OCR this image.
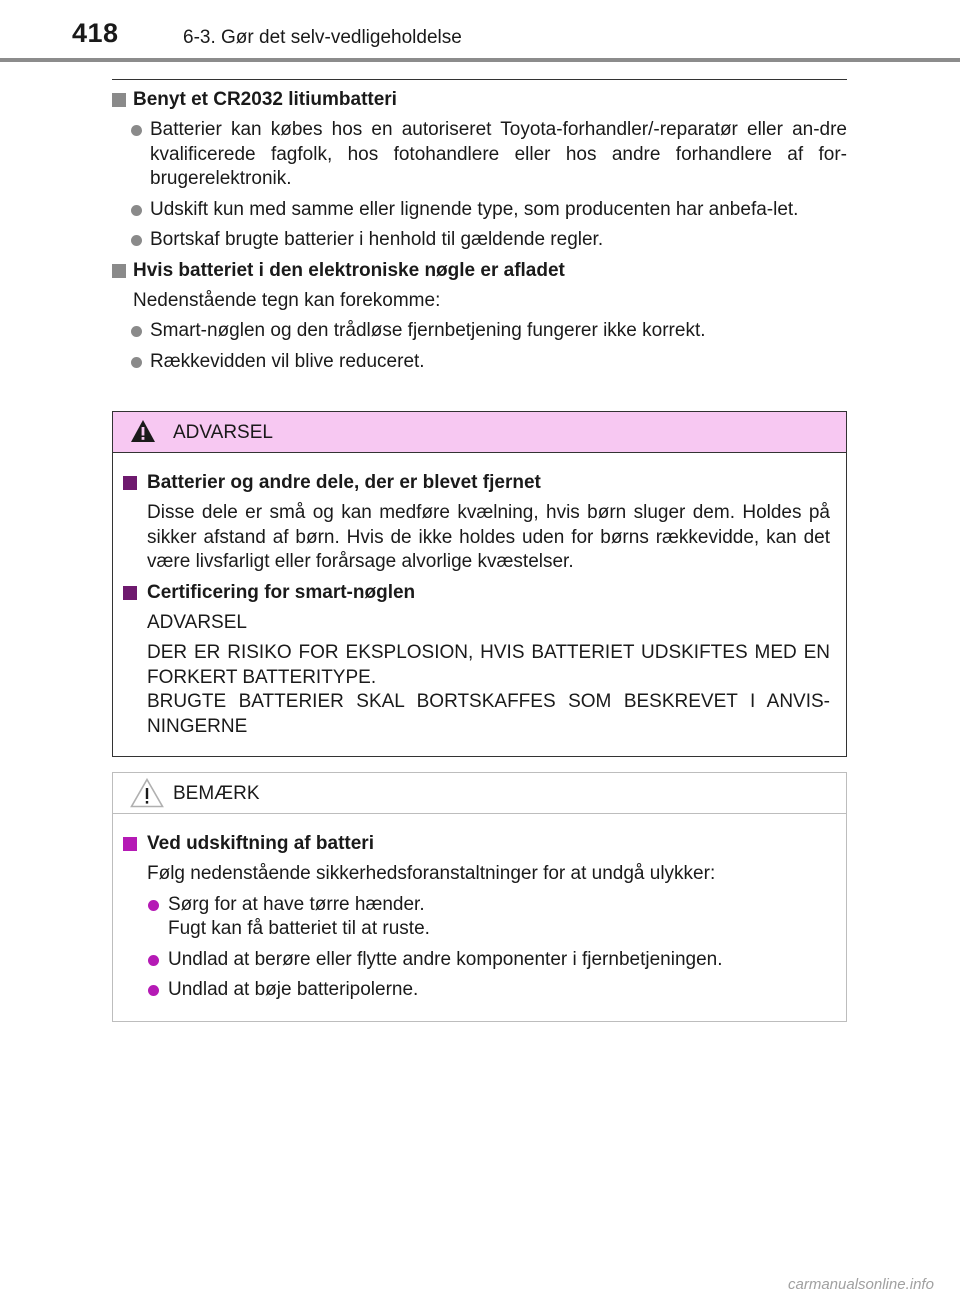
418	6-3. Gør det selv-vedligeholdelse
Benyt et CR2032 litiumbatteri
Batterier kan købes hos en autoriseret Toyota-forhandler/-reparatør eller an-dre kvalificerede fagfolk, hos fotohandlere eller hos andre forhandlere af for-brugerelektronik.
Udskift kun med samme eller lignende type, som producenten har anbefa-let.
Bortskaf brugte batterier i henhold til gældende regler.
Hvis batteriet i den elektroniske nøgle er afladet
Nedenstående tegn kan forekomme:
Smart-nøglen og den trådløse fjernbetjening fungerer ikke korrekt.
Rækkevidden vil blive reduceret.
ADVARSEL
Batterier og andre dele, der er blevet fjernet
Disse dele er små og kan medføre kvælning, hvis børn sluger dem. Holdes på sikker afstand af børn. Hvis de ikke holdes uden for børns rækkevidde, kan det være livsfarligt eller forårsage alvorlige kvæstelser.
Certificering for smart-nøglen
ADVARSEL
DER ER RISIKO FOR EKSPLOSION, HVIS BATTERIET UDSKIFTES MED EN FORKERT BATTERITYPE.
BRUGTE BATTERIER SKAL BORTSKAFFES SOM BESKREVET I ANVIS-NINGERNE
BEMÆRK
Ved udskiftning af batteri
Følg nedenstående sikkerhedsforanstaltninger for at undgå ulykker:
Sørg for at have tørre hænder.
Fugt kan få batteriet til at ruste.
Undlad at berøre eller flytte andre komponenter i fjernbetjeningen.
Undlad at bøje batteripolerne.
carmanualsonline.info
